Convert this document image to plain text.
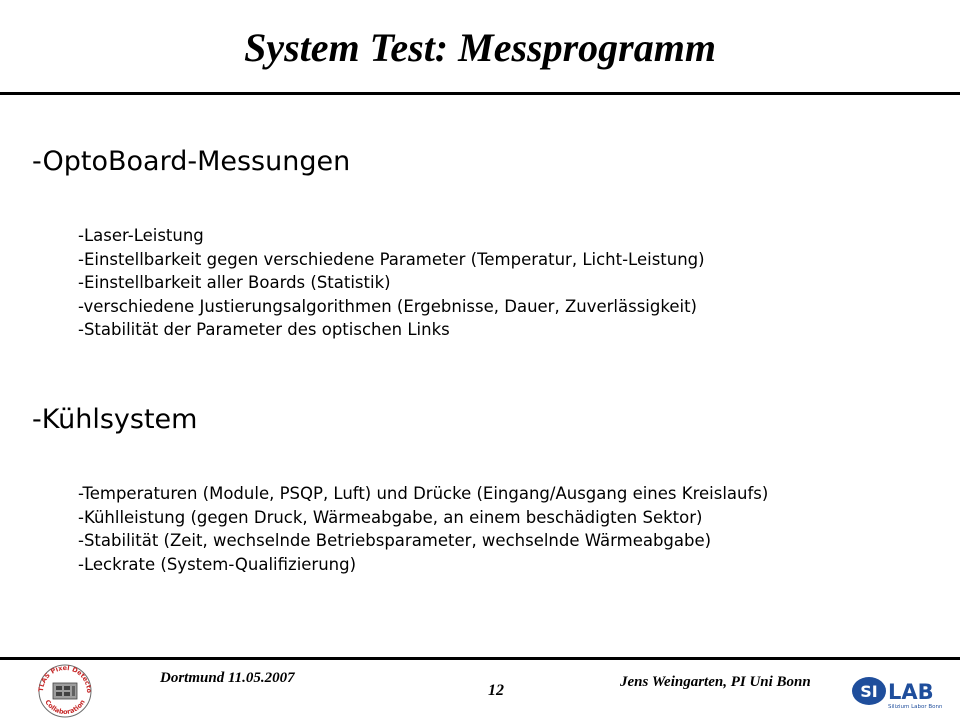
System Test: Messprogramm
-OptoBoard-Messungen
-Laser-Leistung
-Einstellbarkeit gegen verschiedene Parameter (Temperatur, Licht-Leistung)
-Einstellbarkeit aller Boards (Statistik)
-verschiedene Justierungsalgorithmen (Ergebnisse, Dauer, Zuverlässigkeit)
-Stabilität der Parameter des optischen Links
-Kühlsystem
-Temperaturen (Module, PSQP, Luft) und Drücke (Eingang/Ausgang eines Kreislaufs)
-Kühlleistung (gegen Druck, Wärmeabgabe, an einem beschädigten Sektor)
-Stabilität (Zeit, wechselnde Betriebsparameter, wechselnde Wärmeabgabe)
-Leckrate (System-Qualifizierung)
TLAS Pixel Detecto
Collaboration
Dortmund 11.05.2007
12	Jens Weingarten, PI Uni Bonn	SI LAB
Silizium Labor Bonn
